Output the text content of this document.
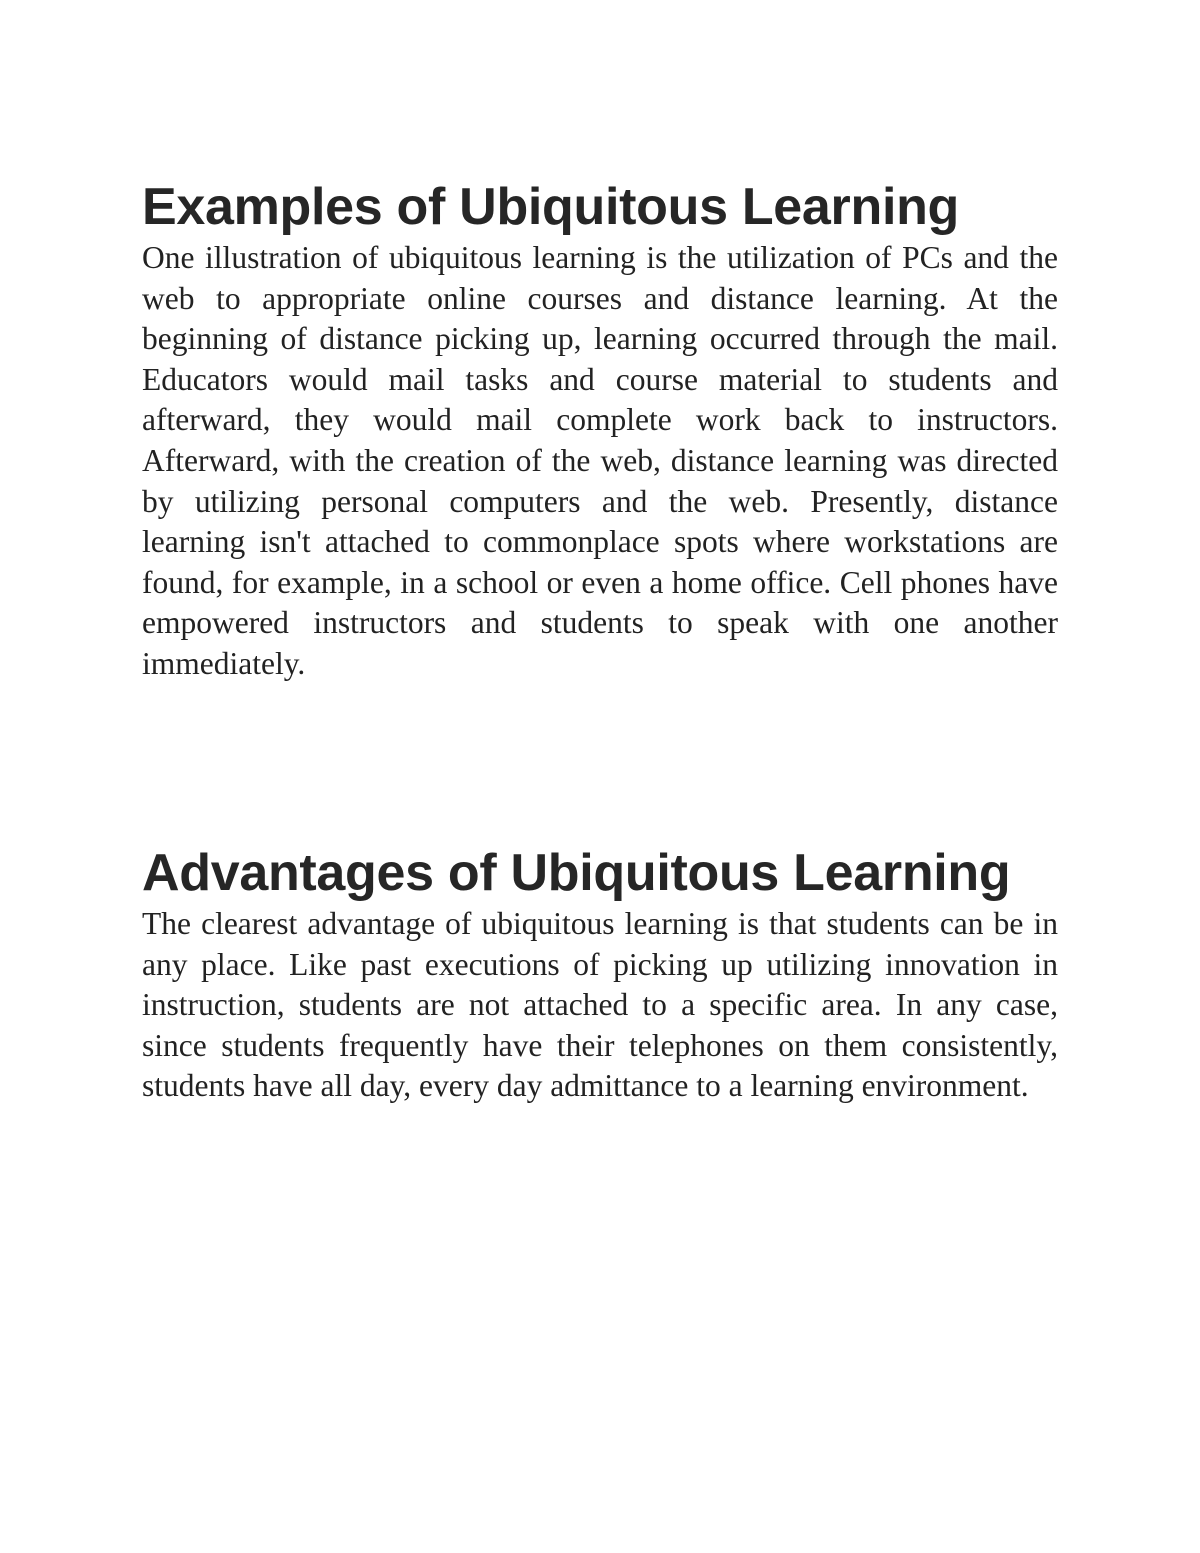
Examples of Ubiquitous Learning

One illustration of ubiquitous learning is the utilization of PCs and the web to appropriate online courses and distance learning. At the beginning of distance picking up, learning occurred through the mail. Educators would mail tasks and course material to students and afterward, they would mail complete work back to instructors. Afterward, with the creation of the web, distance learning was directed by utilizing personal computers and the web. Presently, distance learning isn't attached to commonplace spots where workstations are found, for example, in a school or even a home office. Cell phones have empowered instructors and students to speak with one another immediately.

Advantages of Ubiquitous Learning

The clearest advantage of ubiquitous learning is that students can be in any place. Like past executions of picking up utilizing innovation in instruction, students are not attached to a specific area. In any case, since students frequently have their telephones on them consistently, students have all day, every day admittance to a learning environment.
